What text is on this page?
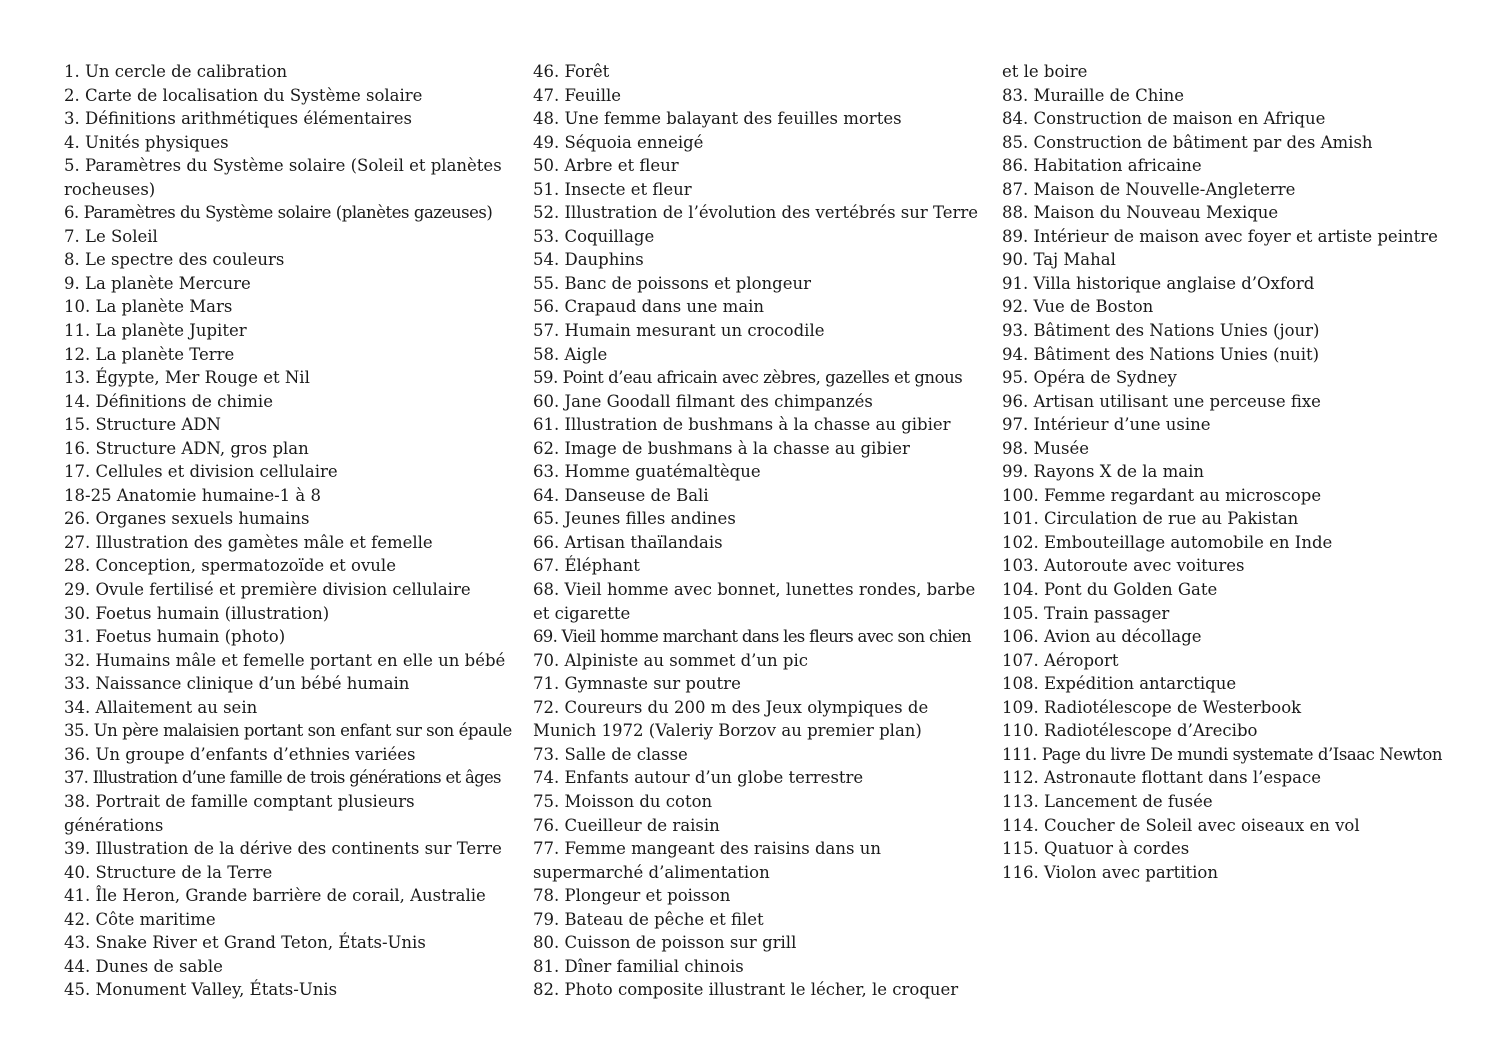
1. Un cercle de calibration
2. Carte de localisation du Système solaire
3. Définitions arithmétiques élémentaires
4. Unités physiques
5. Paramètres du Système solaire (Soleil et planètes
rocheuses)
6. Paramètres du Système solaire (planètes gazeuses)
7. Le Soleil
8. Le spectre des couleurs
9. La planète Mercure
10. La planète Mars
11. La planète Jupiter
12. La planète Terre
13. Égypte, Mer Rouge et Nil
14. Définitions de chimie
15. Structure ADN
16. Structure ADN, gros plan
17. Cellules et division cellulaire
18-25 Anatomie humaine-1 à 8
26. Organes sexuels humains
27. Illustration des gamètes mâle et femelle
28. Conception, spermatozoïde et ovule
29. Ovule fertilisé et première division cellulaire
30. Foetus humain (illustration)
31. Foetus humain (photo)
32. Humains mâle et femelle portant en elle un bébé
33. Naissance clinique d’un bébé humain
34. Allaitement au sein
35. Un père malaisien portant son enfant sur son épaule
36. Un groupe d’enfants d’ethnies variées
37. Illustration d’une famille de trois générations et âges
38. Portrait de famille comptant plusieurs
générations
39. Illustration de la dérive des continents sur Terre
40. Structure de la Terre
41. Île Heron, Grande barrière de corail, Australie
42. Côte maritime
43. Snake River et Grand Teton, États-Unis
44. Dunes de sable
45. Monument Valley, États-Unis
46. Forêt
47. Feuille
48. Une femme balayant des feuilles mortes
49. Séquoia enneigé
50. Arbre et fleur
51. Insecte et fleur
52. Illustration de l’évolution des vertébrés sur Terre
53. Coquillage
54. Dauphins
55. Banc de poissons et plongeur
56. Crapaud dans une main
57. Humain mesurant un crocodile
58. Aigle
59. Point d’eau africain avec zèbres, gazelles et gnous
60. Jane Goodall filmant des chimpanzés
61. Illustration de bushmans à la chasse au gibier
62. Image de bushmans à la chasse au gibier
63. Homme guatémaltèque
64. Danseuse de Bali
65. Jeunes filles andines
66. Artisan thaïlandais
67. Éléphant
68. Vieil homme avec bonnet, lunettes rondes, barbe
et cigarette
69. Vieil homme marchant dans les fleurs avec son chien
70. Alpiniste au sommet d’un pic
71. Gymnaste sur poutre
72. Coureurs du 200 m des Jeux olympiques de
Munich 1972 (Valeriy Borzov au premier plan)
73. Salle de classe
74. Enfants autour d’un globe terrestre
75. Moisson du coton
76. Cueilleur de raisin
77. Femme mangeant des raisins dans un
supermarché d’alimentation
78. Plongeur et poisson
79. Bateau de pêche et filet
80. Cuisson de poisson sur grill
81. Dîner familial chinois
82. Photo composite illustrant le lécher, le croquer
et le boire
83. Muraille de Chine
84. Construction de maison en Afrique
85. Construction de bâtiment par des Amish
86. Habitation africaine
87. Maison de Nouvelle-Angleterre
88. Maison du Nouveau Mexique
89. Intérieur de maison avec foyer et artiste peintre
90. Taj Mahal
91. Villa historique anglaise d’Oxford
92. Vue de Boston
93. Bâtiment des Nations Unies (jour)
94. Bâtiment des Nations Unies (nuit)
95. Opéra de Sydney
96. Artisan utilisant une perceuse fixe
97. Intérieur d’une usine
98. Musée
99. Rayons X de la main
100. Femme regardant au microscope
101. Circulation de rue au Pakistan
102. Embouteillage automobile en Inde
103. Autoroute avec voitures
104. Pont du Golden Gate
105. Train passager
106. Avion au décollage
107. Aéroport
108. Expédition antarctique
109. Radiotélescope de Westerbook
110. Radiotélescope d’Arecibo
111. Page du livre De mundi systemate d’Isaac Newton
112. Astronaute flottant dans l’espace
113. Lancement de fusée
114. Coucher de Soleil avec oiseaux en vol
115. Quatuor à cordes
116. Violon avec partition
